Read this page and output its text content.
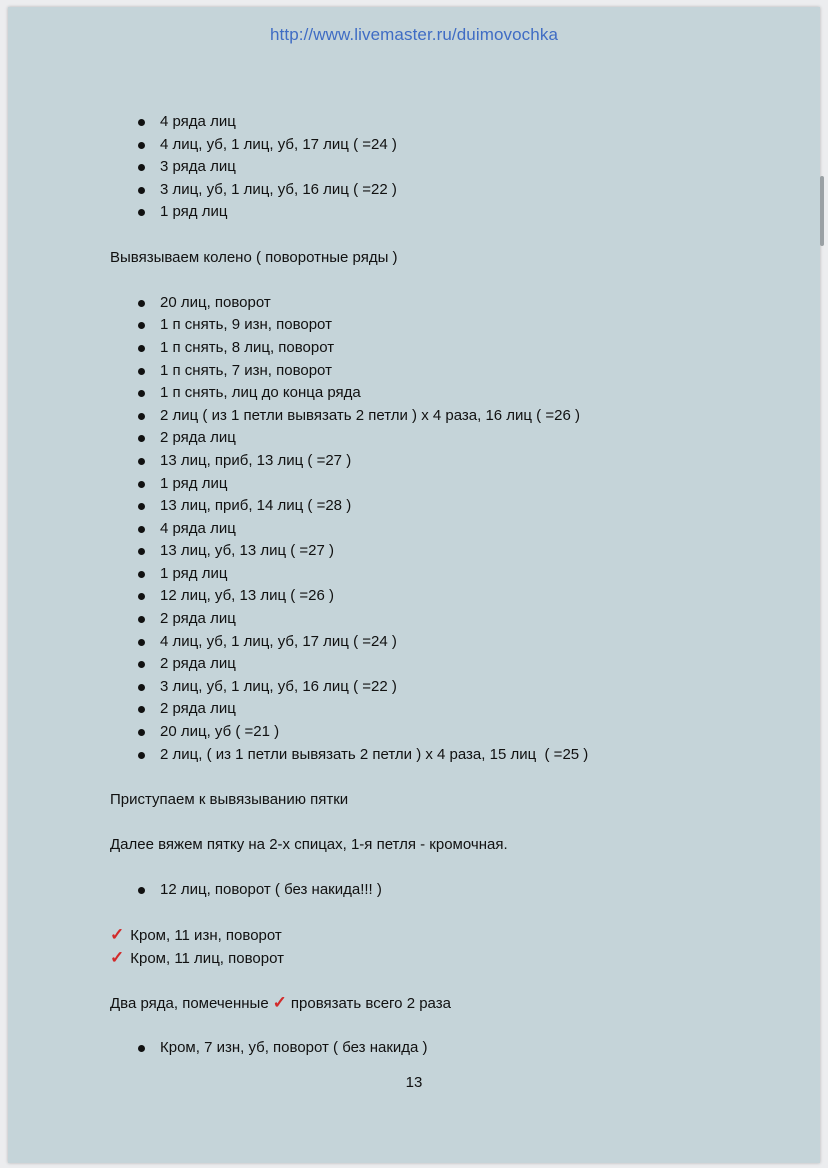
http://www.livemaster.ru/duimovochka
4 ряда лиц
4 лиц, уб, 1 лиц, уб, 17 лиц ( =24 )
3 ряда лиц
3 лиц, уб, 1 лиц, уб, 16 лиц ( =22 )
1 ряд лиц
Вывязываем колено ( поворотные ряды )
20 лиц, поворот
1 п снять, 9 изн, поворот
1 п снять, 8 лиц, поворот
1 п снять, 7 изн, поворот
1 п снять, лиц до конца ряда
2 лиц ( из 1 петли вывязать 2 петли ) х 4 раза, 16 лиц ( =26 )
2 ряда лиц
13 лиц, приб, 13 лиц ( =27 )
1 ряд лиц
13 лиц, приб, 14 лиц ( =28 )
4 ряда лиц
13 лиц, уб, 13 лиц ( =27 )
1 ряд лиц
12 лиц, уб, 13 лиц ( =26 )
2 ряда лиц
4 лиц, уб, 1 лиц, уб, 17 лиц ( =24 )
2 ряда лиц
3 лиц, уб, 1 лиц, уб, 16 лиц ( =22 )
2 ряда лиц
20 лиц, уб ( =21 )
2 лиц, ( из 1 петли вывязать 2 петли ) х 4 раза, 15 лиц  ( =25 )
Приступаем к вывязыванию пятки
Далее вяжем пятку на 2-х спицах, 1-я петля - кромочная.
12 лиц, поворот ( без накида!!! )
✓ Кром, 11 изн, поворот
✓ Кром, 11 лиц, поворот
Два ряда, помеченные ✓ провязать всего 2 раза
Кром, 7 изн, уб, поворот ( без накида )
13
